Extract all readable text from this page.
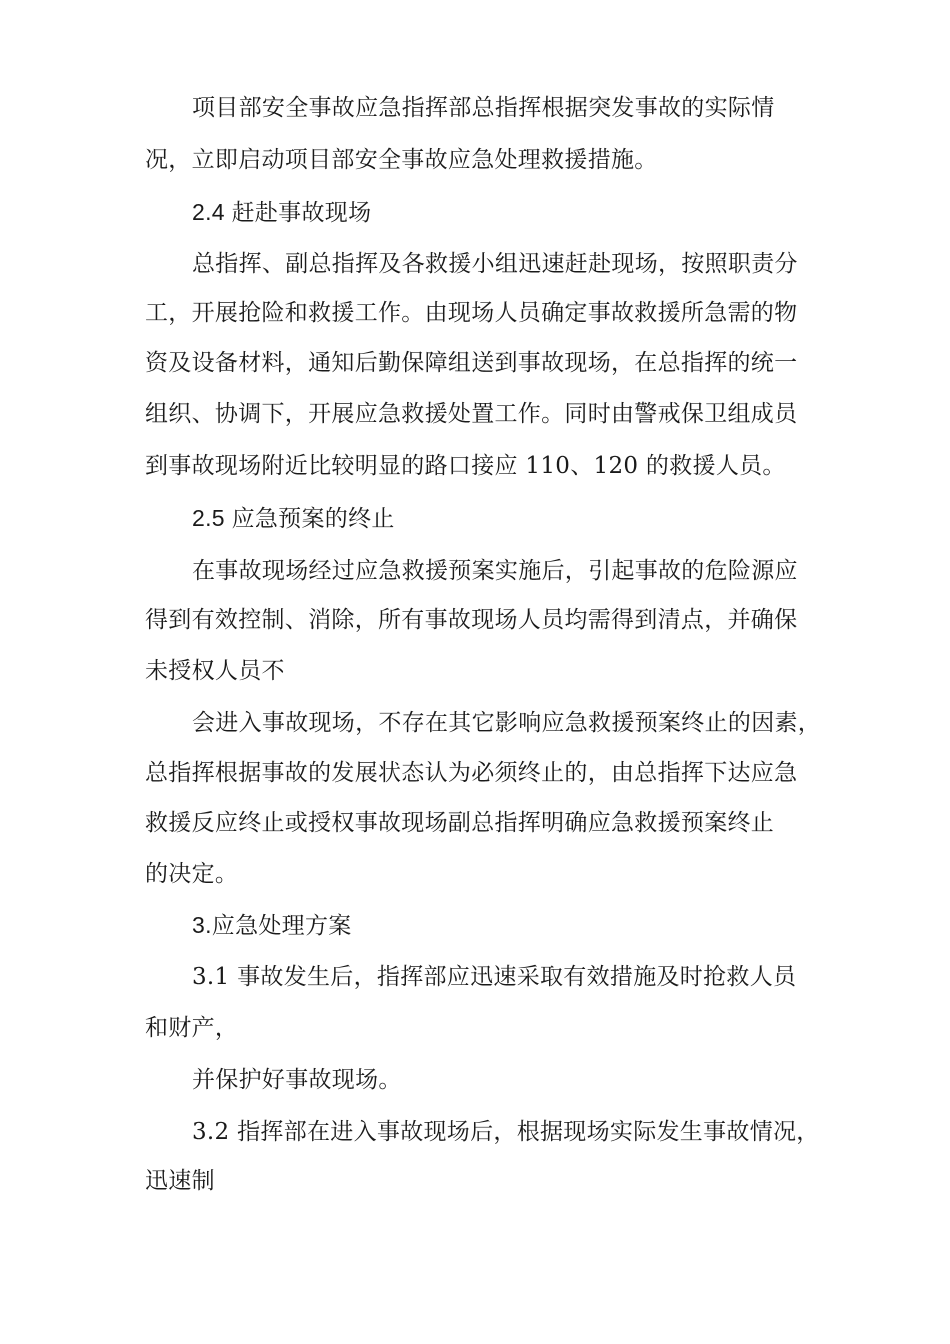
项目部安全事故应急指挥部总指挥根据突发事故的实际情
况，立即启动项目部安全事故应急处理救援措施。
2.4 赶赴事故现场
总指挥、副总指挥及各救援小组迅速赶赴现场，按照职责分
工，开展抢险和救援工作。由现场人员确定事故救援所急需的物
资及设备材料，通知后勤保障组送到事故现场，在总指挥的统一
组织、协调下，开展应急救援处置工作。同时由警戒保卫组成员
到事故现场附近比较明显的路口接应 110、120 的救援人员。
2.5 应急预案的终止
在事故现场经过应急救援预案实施后，引起事故的危险源应
得到有效控制、消除，所有事故现场人员均需得到清点，并确保
未授权人员不
会进入事故现场，不存在其它影响应急救援预案终止的因素，
总指挥根据事故的发展状态认为必须终止的，由总指挥下达应急
救援反应终止或授权事故现场副总指挥明确应急救援预案终止
的决定。
3.应急处理方案
3.1 事故发生后，指挥部应迅速采取有效措施及时抢救人员
和财产，
并保护好事故现场。
3.2 指挥部在进入事故现场后，根据现场实际发生事故情况，
迅速制
